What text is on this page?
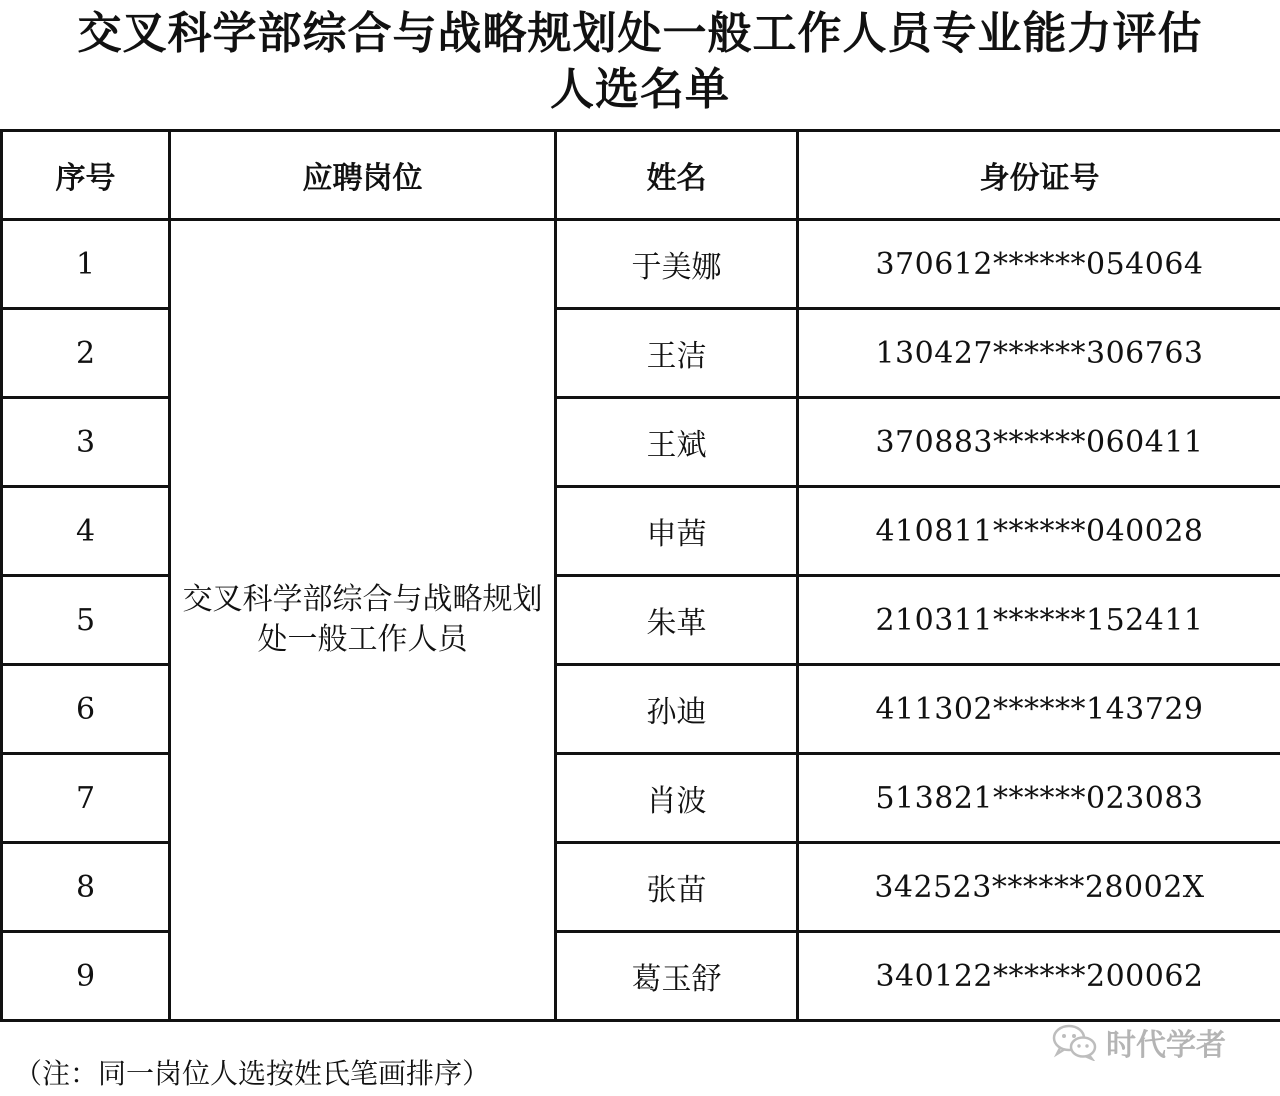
交叉科学部综合与战略规划处一般工作人员专业能力评估
人选名单
序号	应聘岗位	姓名	身份证号
1	交叉科学部综合与战略规划处一般工作人员	于美娜	370612******054064
2		王洁	130427******306763
3		王斌	370883******060411
4		申茜	410811******040028
5		朱革	210311******152411
6		孙迪	411302******143729
7		肖波	513821******023083
8		张苗	342523******28002X
9		葛玉舒	340122******200062
（注：同一岗位人选按姓氏笔画排序）
时代学者
